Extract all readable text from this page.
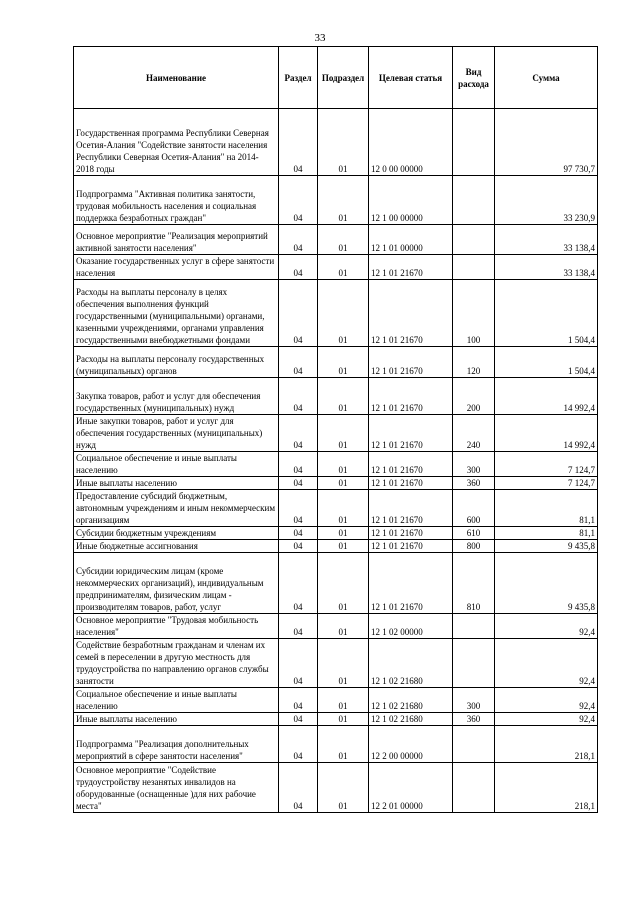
33
Наименование	Раздел	Подраздел	Целевая статья	Вид расхода	Сумма
Государственная программа Республики Северная Осетия-Алания "Содействие занятости населения Республики Северная Осетия-Алания" на 2014-2018 годы	04	01	12 0 00 00000		97 730,7
Подпрограмма "Активная политика занятости, трудовая мобильность населения и социальная поддержка безработных граждан"	04	01	12 1 00 00000		33 230,9
Основное мероприятие "Реализация мероприятий активной занятости населения"	04	01	12 1 01 00000		33 138,4
Оказание государственных услуг в сфере занятости населения	04	01	12 1 01 21670		33 138,4
Расходы на выплаты персоналу в целях обеспечения выполнения функций государственными (муниципальными) органами, казенными учреждениями, органами управления государственными внебюджетными фондами	04	01	12 1 01 21670	100	1 504,4
Расходы на выплаты персоналу государственных (муниципальных) органов	04	01	12 1 01 21670	120	1 504,4
Закупка товаров, работ и услуг для обеспечения государственных (муниципальных) нужд	04	01	12 1 01 21670	200	14 992,4
Иные закупки товаров, работ и услуг для обеспечения государственных (муниципальных) нужд	04	01	12 1 01 21670	240	14 992,4
Социальное обеспечение и иные выплаты населению	04	01	12 1 01 21670	300	7 124,7
Иные выплаты населению	04	01	12 1 01 21670	360	7 124,7
Предоставление субсидий бюджетным, автономным учреждениям и иным некоммерческим организациям	04	01	12 1 01 21670	600	81,1
Субсидии бюджетным учреждениям	04	01	12 1 01 21670	610	81,1
Иные бюджетные ассигнования	04	01	12 1 01 21670	800	9 435,8
Субсидии юридическим лицам (кроме некоммерческих организаций), индивидуальным предпринимателям, физическим лицам - производителям товаров, работ, услуг	04	01	12 1 01 21670	810	9 435,8
Основное мероприятие "Трудовая мобильность населения"	04	01	12 1 02 00000		92,4
Содействие безработным гражданам и членам их семей в переселении в другую местность для трудоустройства по направлению органов службы занятости	04	01	12 1 02 21680		92,4
Социальное обеспечение и иные выплаты населению	04	01	12 1 02 21680	300	92,4
Иные выплаты населению	04	01	12 1 02 21680	360	92,4
Подпрограмма "Реализация дополнительных мероприятий в сфере занятости населения"	04	01	12 2 00 00000		218,1
Основное мероприятие "Содействие трудоустройству незанятых инвалидов на оборудованные (оснащенные )для них рабочие места"	04	01	12 2 01 00000		218,1
